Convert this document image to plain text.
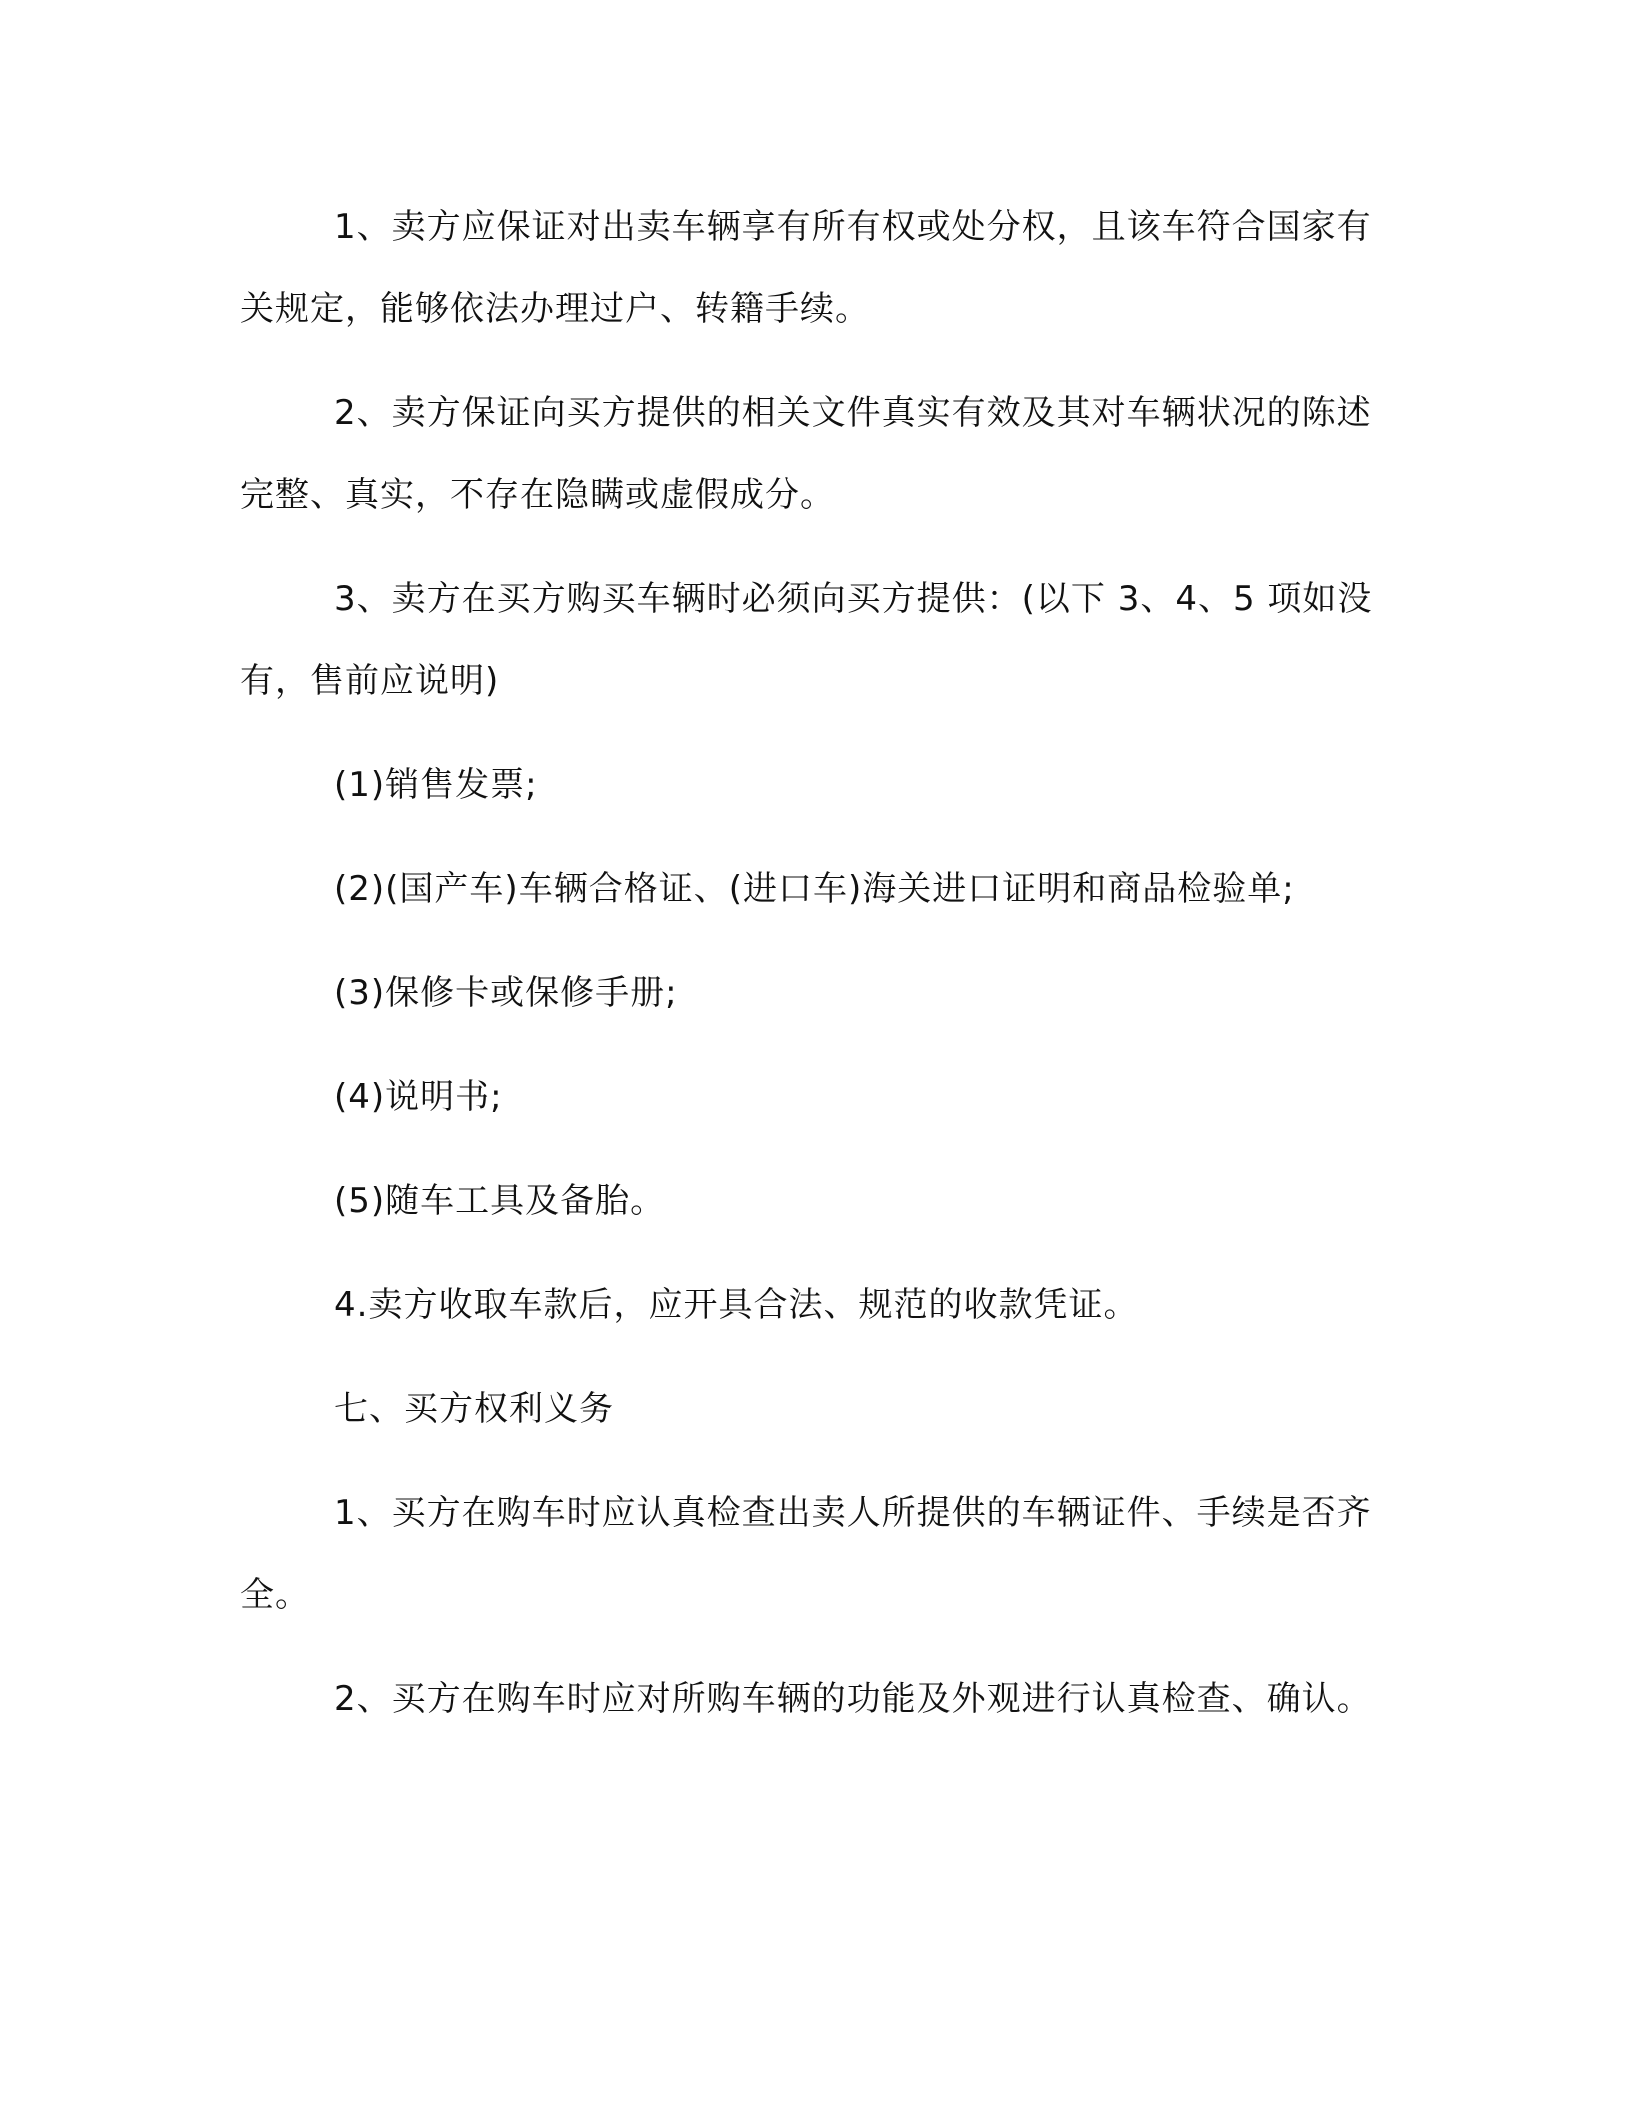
1、卖方应保证对出卖车辆享有所有权或处分权，且该车符合国家有关规定，能够依法办理过户、转籍手续。

2、卖方保证向买方提供的相关文件真实有效及其对车辆状况的陈述完整、真实，不存在隐瞒或虚假成分。

3、卖方在买方购买车辆时必须向买方提供：(以下 3、4、5 项如没有，售前应说明)

(1)销售发票;

(2)(国产车)车辆合格证、(进口车)海关进口证明和商品检验单;

(3)保修卡或保修手册;

(4)说明书;

(5)随车工具及备胎。

4.卖方收取车款后，应开具合法、规范的收款凭证。

七、买方权利义务

1、买方在购车时应认真检查出卖人所提供的车辆证件、手续是否齐全。

2、买方在购车时应对所购车辆的功能及外观进行认真检查、确认。
